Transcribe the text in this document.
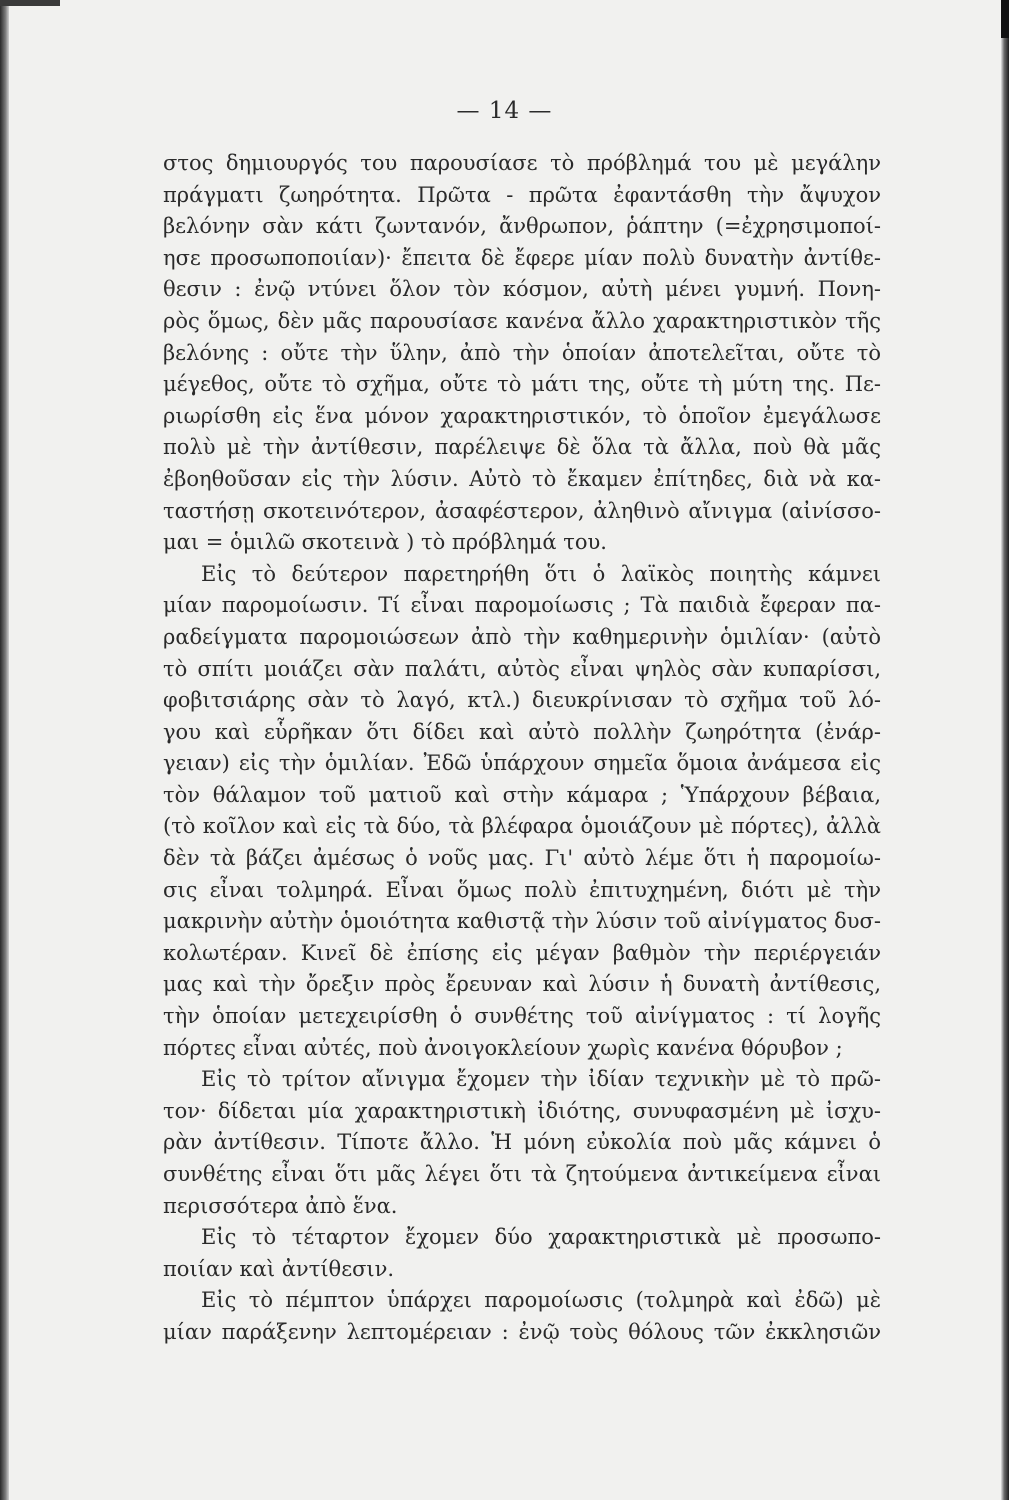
— 14 —
στος δημιουργός του παρουσίασε τὸ πρόβλημά του μὲ μεγάλην
πράγματι ζωηρότητα. Πρῶτα - πρῶτα ἐφαντάσθη τὴν ἄψυχον
βελόνην σὰν κάτι ζωντανόν, ἄνθρωπον, ῥάπτην (=ἐχρησιμοποί-
ησε προσωποποιίαν)· ἔπειτα δὲ ἔφερε μίαν πολὺ δυνατὴν ἀντίθε-
θεσιν : ἐνῷ ντύνει ὅλον τὸν κόσμον, αὐτὴ μένει γυμνή. Πονη-
ρὸς ὅμως, δὲν μᾶς παρουσίασε κανένα ἄλλο χαρακτηριστικὸν τῆς
βελόνης : οὔτε τὴν ὕλην, ἀπὸ τὴν ὁποίαν ἀποτελεῖται, οὔτε τὸ
μέγεθος, οὔτε τὸ σχῆμα, οὔτε τὸ μάτι της, οὔτε τὴ μύτη της. Πε-
ριωρίσθη εἰς ἕνα μόνον χαρακτηριστικόν, τὸ ὁποῖον ἐμεγάλωσε
πολὺ μὲ τὴν ἀντίθεσιν, παρέλειψε δὲ ὅλα τὰ ἄλλα, ποὺ θὰ μᾶς
ἐβοηθοῦσαν εἰς τὴν λύσιν. Αὐτὸ τὸ ἔκαμεν ἐπίτηδες, διὰ νὰ κα-
ταστήσῃ σκοτεινότερον, ἀσαφέστερον, ἀληθινὸ αἴνιγμα (αἰνίσσο-
μαι = ὁμιλῶ σκοτεινὰ ) τὸ πρόβλημά του.
Εἰς τὸ δεύτερον παρετηρήθη ὅτι ὁ λαϊκὸς ποιητὴς κάμνει
μίαν παρομοίωσιν. Τί εἶναι παρομοίωσις ; Τὰ παιδιὰ ἔφεραν πα-
ραδείγματα παρομοιώσεων ἀπὸ τὴν καθημερινὴν ὁμιλίαν· (αὐτὸ
τὸ σπίτι μοιάζει σὰν παλάτι, αὐτὸς εἶναι ψηλὸς σὰν κυπαρίσσι,
φοβιτσιάρης σὰν τὸ λαγό, κτλ.) διευκρίνισαν τὸ σχῆμα τοῦ λό-
γου καὶ εὗρῆκαν ὅτι δίδει καὶ αὐτὸ πολλὴν ζωηρότητα (ἐνάρ-
γειαν) εἰς τὴν ὁμιλίαν. Ἐδῶ ὑπάρχουν σημεῖα ὅμοια ἀνάμεσα εἰς
τὸν θάλαμον τοῦ ματιοῦ καὶ στὴν κάμαρα ; Ὑπάρχουν βέβαια,
(τὸ κοῖλον καὶ εἰς τὰ δύο, τὰ βλέφαρα ὁμοιάζουν μὲ πόρτες), ἀλλὰ
δὲν τὰ βάζει ἀμέσως ὁ νοῦς μας. Γι' αὐτὸ λέμε ὅτι ἡ παρομοίω-
σις εἶναι τολμηρά. Εἶναι ὅμως πολὺ ἐπιτυχημένη, διότι μὲ τὴν
μακρινὴν αὐτὴν ὁμοιότητα καθιστᾷ τὴν λύσιν τοῦ αἰνίγματος δυσ-
κολωτέραν. Κινεῖ δὲ ἐπίσης εἰς μέγαν βαθμὸν τὴν περιέργειάν
μας καὶ τὴν ὄρεξιν πρὸς ἔρευναν καὶ λύσιν ἡ δυνατὴ ἀντίθεσις,
τὴν ὁποίαν μετεχειρίσθη ὁ συνθέτης τοῦ αἰνίγματος : τί λογῆς
πόρτες εἶναι αὐτές, ποὺ ἀνοιγοκλείουν χωρὶς κανένα θόρυβον ;
Εἰς τὸ τρίτον αἴνιγμα ἔχομεν τὴν ἰδίαν τεχνικὴν μὲ τὸ πρῶ-
τον· δίδεται μία χαρακτηριστικὴ ἰδιότης, συνυφασμένη μὲ ἰσχυ-
ρὰν ἀντίθεσιν. Τίποτε ἄλλο. Ἡ μόνη εὐκολία ποὺ μᾶς κάμνει ὁ
συνθέτης εἶναι ὅτι μᾶς λέγει ὅτι τὰ ζητούμενα ἀντικείμενα εἶναι
περισσότερα ἀπὸ ἕνα.
Εἰς τὸ τέταρτον ἔχομεν δύο χαρακτηριστικὰ μὲ προσωπο-
ποιίαν καὶ ἀντίθεσιν.
Εἰς τὸ πέμπτον ὑπάρχει παρομοίωσις (τολμηρὰ καὶ ἐδῶ) μὲ
μίαν παράξενην λεπτομέρειαν : ἐνῷ τοὺς θόλους τῶν ἐκκλησιῶν
